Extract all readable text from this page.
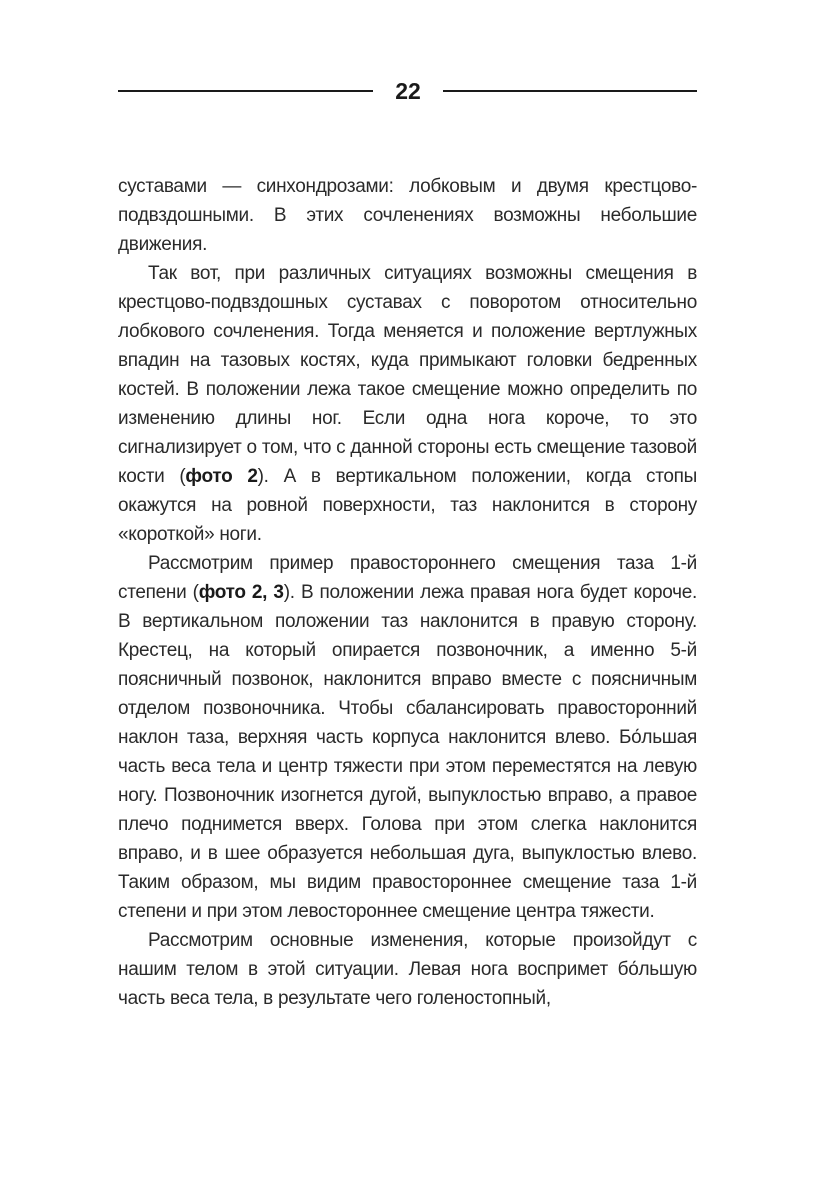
22

суставами — синхондрозами: лобковым и двумя крестцово-подвздошными. В этих сочленениях возможны небольшие движения.

Так вот, при различных ситуациях возможны смещения в крестцово-подвздошных суставах с поворотом относительно лобкового сочленения. Тогда меняется и положение вертлужных впадин на тазовых костях, куда примыкают головки бедренных костей. В положении лежа такое смещение можно определить по изменению длины ног. Если одна нога короче, то это сигнализирует о том, что с данной стороны есть смещение тазовой кости (фото 2). А в вертикальном положении, когда стопы окажутся на ровной поверхности, таз наклонится в сторону «короткой» ноги.

Рассмотрим пример правостороннего смещения таза 1-й степени (фото 2, 3). В положении лежа правая нога будет короче. В вертикальном положении таз наклонится в правую сторону. Крестец, на который опирается позвоночник, а именно 5-й поясничный позвонок, наклонится вправо вместе с поясничным отделом позвоночника. Чтобы сбалансировать правосторонний наклон таза, верхняя часть корпуса наклонится влево. Бо́льшая часть веса тела и центр тяжести при этом переместятся на левую ногу. Позвоночник изогнется дугой, выпуклостью вправо, а правое плечо поднимется вверх. Голова при этом слегка наклонится вправо, и в шее образуется небольшая дуга, выпуклостью влево. Таким образом, мы видим правостороннее смещение таза 1-й степени и при этом левостороннее смещение центра тяжести.

Рассмотрим основные изменения, которые произойдут с нашим телом в этой ситуации. Левая нога воспримет бо́льшую часть веса тела, в результате чего голеностопный,
